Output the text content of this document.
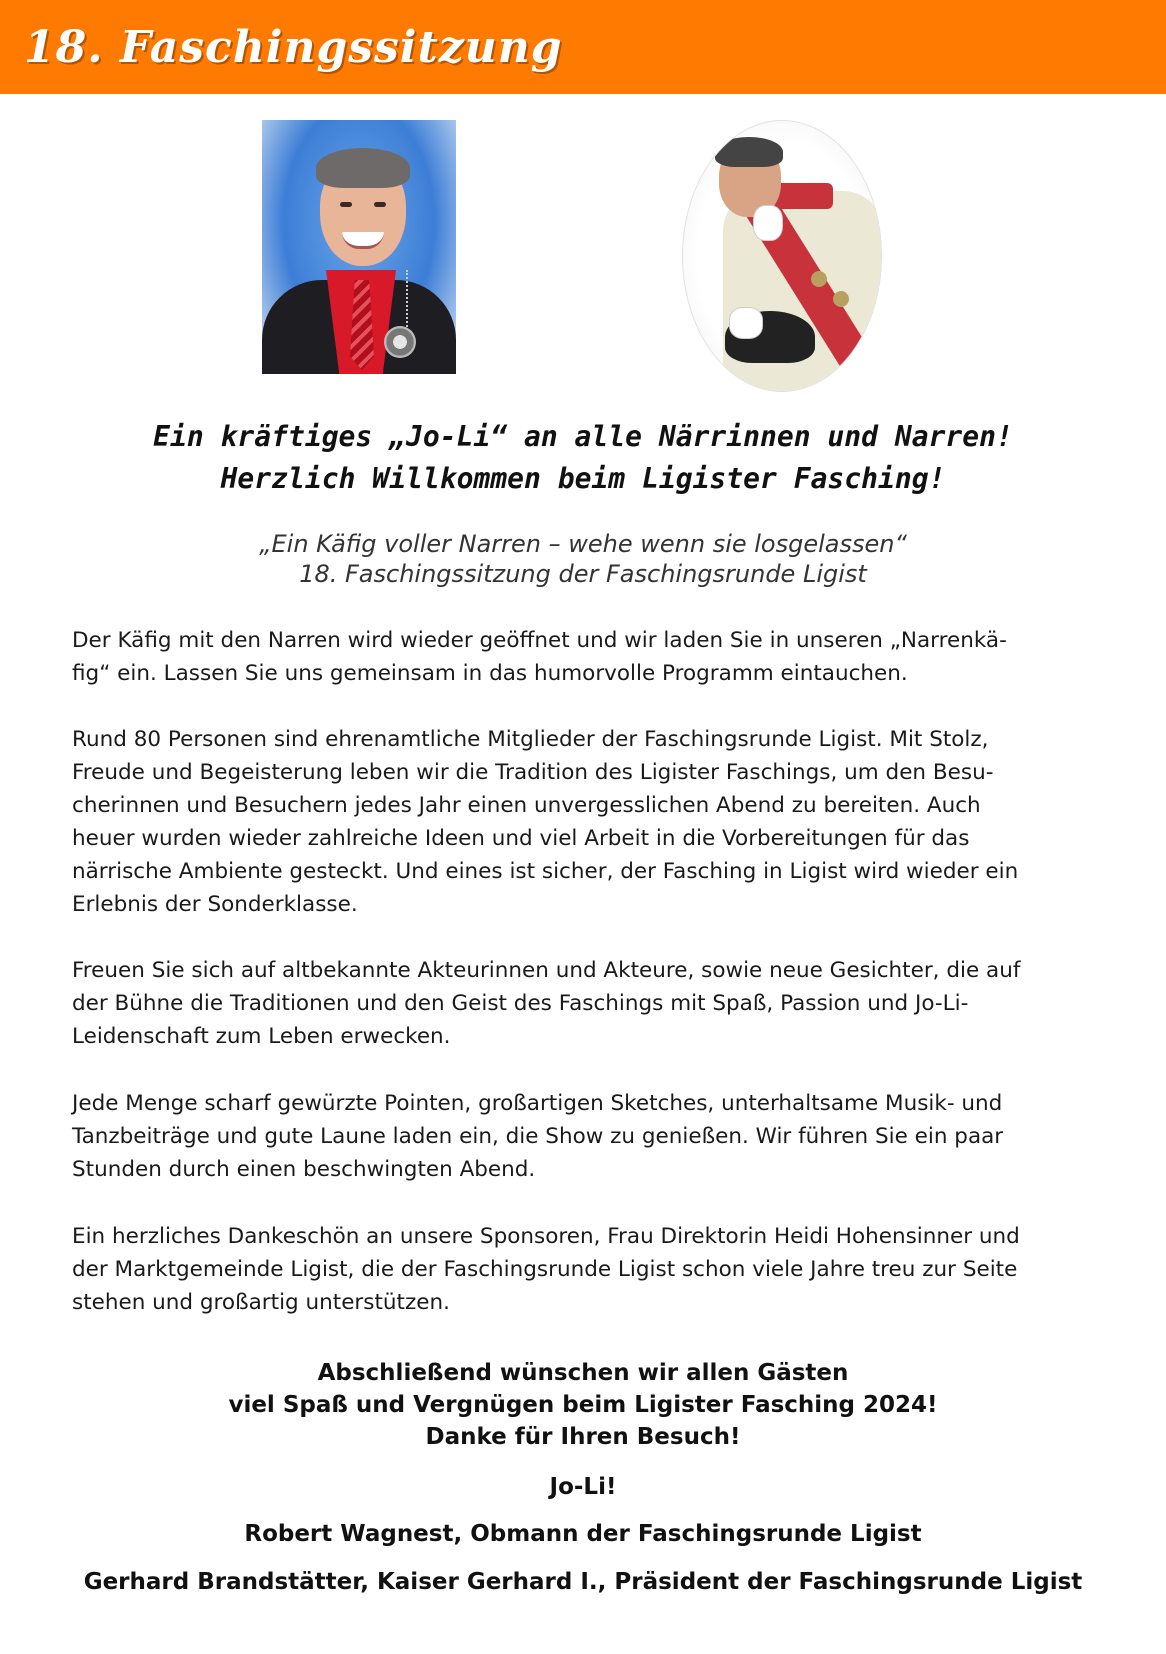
18. Faschingssitzung
Ein kräftiges „Jo-Li“ an alle Närrinnen und Narren!
Herzlich Willkommen beim Ligister Fasching!
„Ein Käfig voller Narren – wehe wenn sie losgelassen“
18. Faschingssitzung der Faschingsrunde Ligist
Der Käfig mit den Narren wird wieder geöffnet und wir laden Sie in unseren „Narrenkä-
fig“ ein. Lassen Sie uns gemeinsam in das humorvolle Programm eintauchen.
Rund 80 Personen sind ehrenamtliche Mitglieder der Faschingsrunde Ligist. Mit Stolz,
Freude und Begeisterung leben wir die Tradition des Ligister Faschings, um den Besu-
cherinnen und Besuchern jedes Jahr einen unvergesslichen Abend zu bereiten. Auch
heuer wurden wieder zahlreiche Ideen und viel Arbeit in die Vorbereitungen für das
närrische Ambiente gesteckt. Und eines ist sicher, der Fasching in Ligist wird wieder ein
Erlebnis der Sonderklasse.
Freuen Sie sich auf altbekannte Akteurinnen und Akteure, sowie neue Gesichter, die auf
der Bühne die Traditionen und den Geist des Faschings mit Spaß, Passion und Jo-Li-
Leidenschaft zum Leben erwecken.
Jede Menge scharf gewürzte Pointen, großartigen Sketches, unterhaltsame Musik- und
Tanzbeiträge und gute Laune laden ein, die Show zu genießen. Wir führen Sie ein paar
Stunden durch einen beschwingten Abend.
Ein herzliches Dankeschön an unsere Sponsoren, Frau Direktorin Heidi Hohensinner und
der Marktgemeinde Ligist, die der Faschingsrunde Ligist schon viele Jahre treu zur Seite
stehen und großartig unterstützen.
Abschließend wünschen wir allen Gästen
viel Spaß und Vergnügen beim Ligister Fasching 2024!
Danke für Ihren Besuch!
Jo-Li!
Robert Wagnest, Obmann der Faschingsrunde Ligist
Gerhard Brandstätter, Kaiser Gerhard I., Präsident der Faschingsrunde Ligist
